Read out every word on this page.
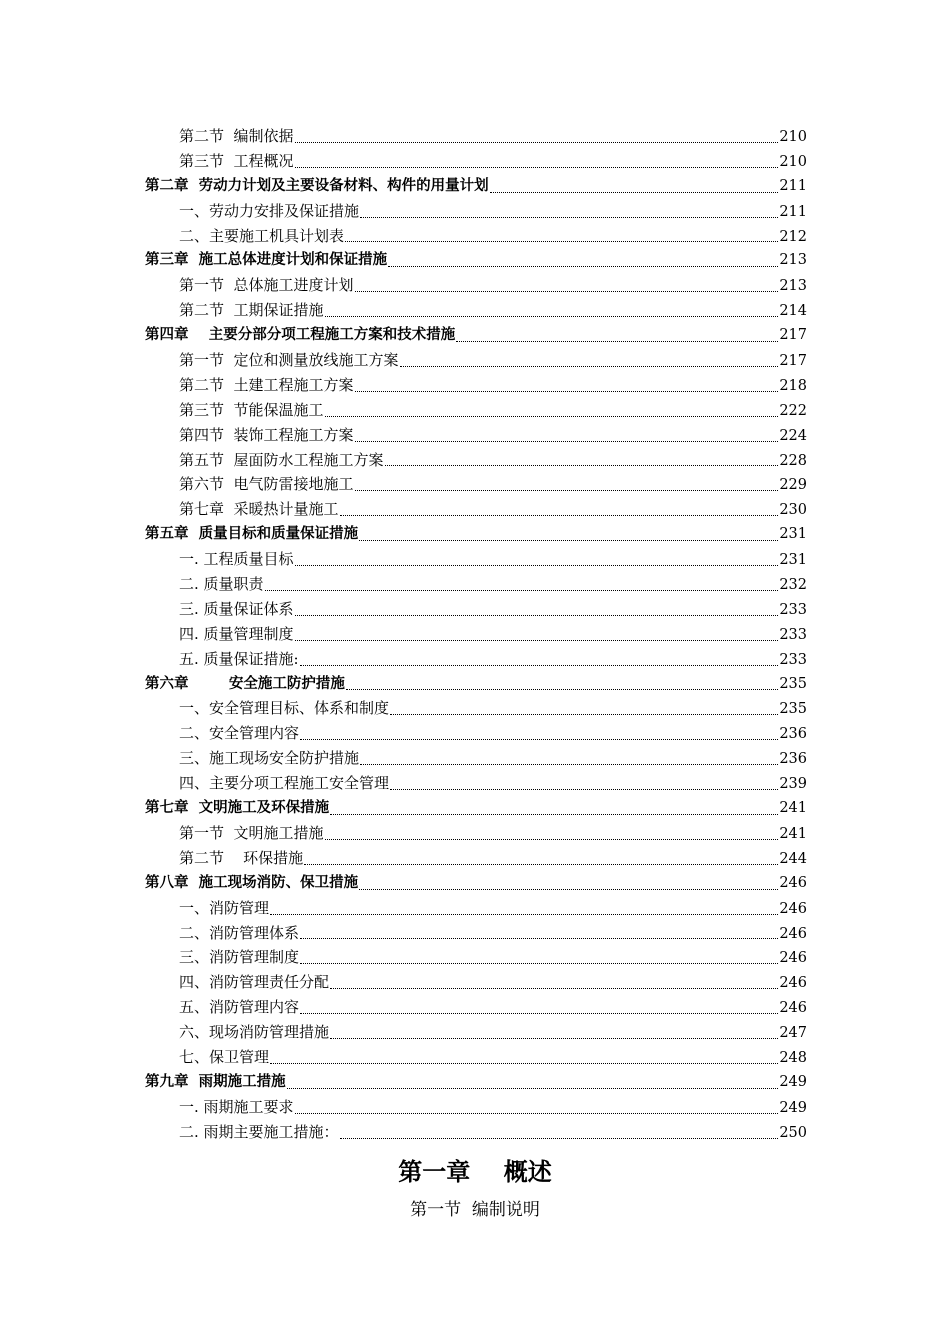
第二节  编制依据	210
第三节  工程概况	210
第二章  劳动力计划及主要设备材料、构件的用量计划	211
一、劳动力安排及保证措施	211
二、主要施工机具计划表	212
第三章  施工总体进度计划和保证措施	213
第一节  总体施工进度计划	213
第二节  工期保证措施	214
第四章    主要分部分项工程施工方案和技术措施	217
第一节  定位和测量放线施工方案	217
第二节  土建工程施工方案	218
第三节  节能保温施工	222
第四节  装饰工程施工方案	224
第五节  屋面防水工程施工方案	228
第六节  电气防雷接地施工	229
第七章  采暖热计量施工	230
第五章  质量目标和质量保证措施	231
一. 工程质量目标	231
二. 质量职责	232
三. 质量保证体系	233
四. 质量管理制度	233
五. 质量保证措施:	233
第六章        安全施工防护措施	235
一、安全管理目标、体系和制度	235
二、安全管理内容	236
三、施工现场安全防护措施	236
四、主要分项工程施工安全管理	239
第七章  文明施工及环保措施	241
第一节  文明施工措施	241
第二节    环保措施	244
第八章  施工现场消防、保卫措施	246
一、消防管理	246
二、消防管理体系	246
三、消防管理制度	246
四、消防管理责任分配	246
五、消防管理内容	246
六、现场消防管理措施	247
七、保卫管理	248
第九章  雨期施工措施	249
一. 雨期施工要求	249
二. 雨期主要施工措施：	250
第一章    概述
第一节  编制说明
